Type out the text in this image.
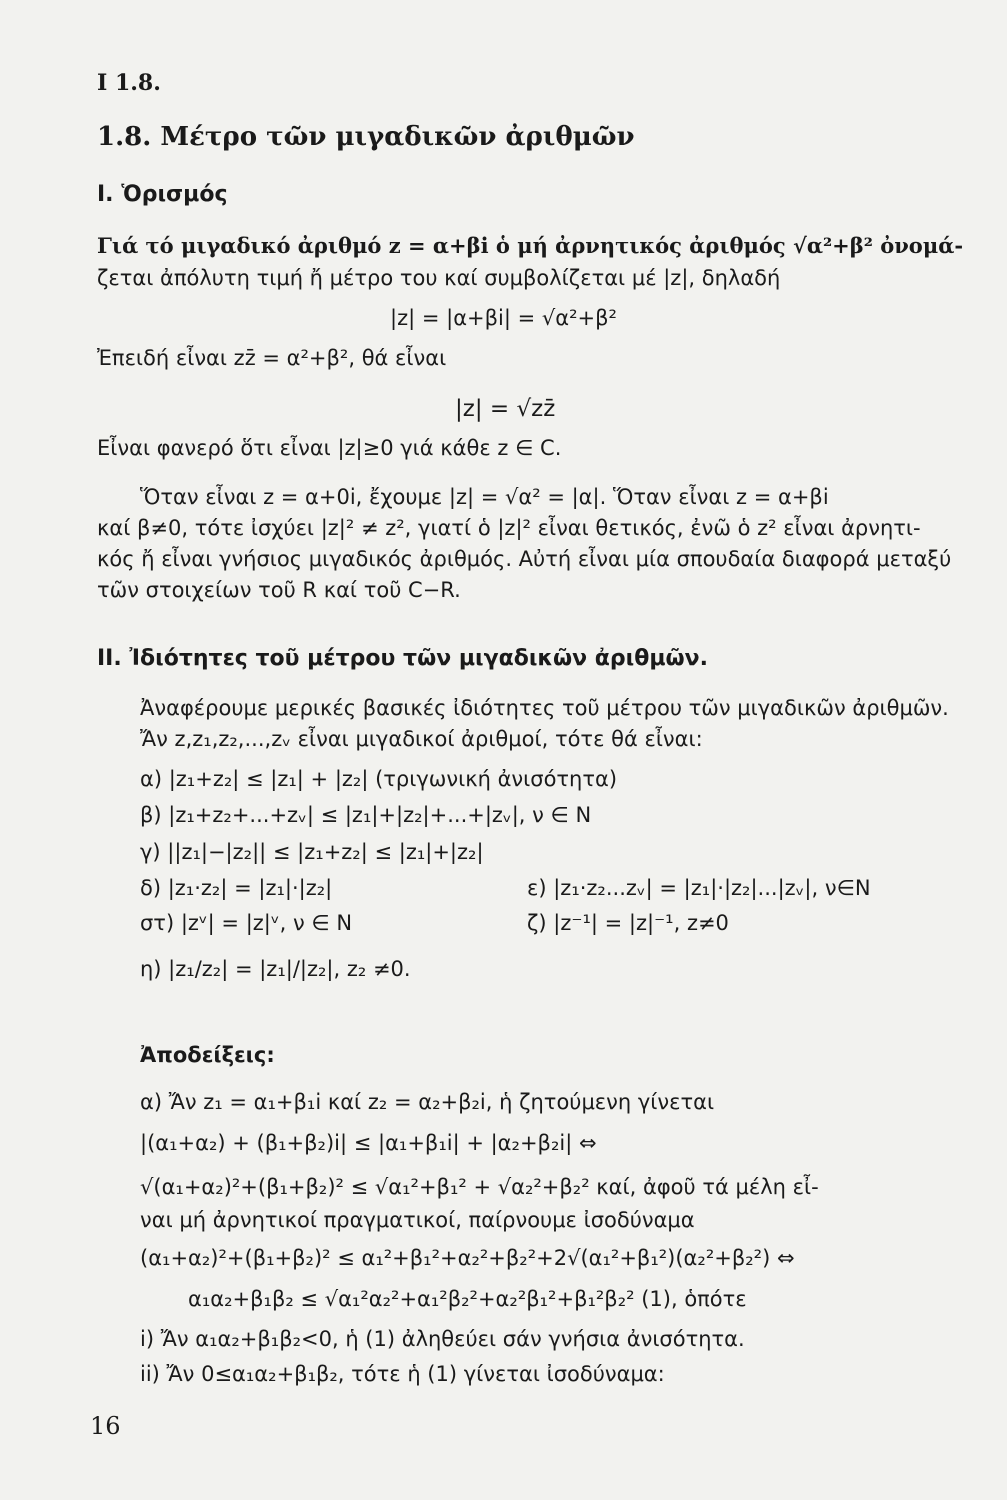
I 1.8.
1.8. Μέτρο τῶν μιγαδικῶν ἀριθμῶν
I. Ὁρισμός
Γιά τό μιγαδικό ἀριθμό z = α+βi ὁ μή ἀρνητικός ἀριθμός √α²+β² ὀνομά-
ζεται ἀπόλυτη τιμή ἤ μέτρο του καί συμβολίζεται μέ |z|, δηλαδή
|z| = |α+βi| = √α²+β²
Ἐπειδή εἶναι zz̄ = α²+β², θά εἶναι
|z| = √zz̄
Εἶναι φανερό ὅτι εἶναι |z|≥0 γιά κάθε z ∈ C.
Ὅταν εἶναι z = α+0i, ἔχουμε |z| = √α² = |α|. Ὅταν εἶναι z = α+βi
καί β≠0, τότε ἰσχύει |z|² ≠ z², γιατί ὁ |z|² εἶναι θετικός, ἐνῶ ὁ z² εἶναι ἀρνητι-
κός ἤ εἶναι γνήσιος μιγαδικός ἀριθμός. Αὐτή εἶναι μία σπουδαία διαφορά μεταξύ
τῶν στοιχείων τοῦ R καί τοῦ C−R.
II. Ἰδιότητες τοῦ μέτρου τῶν μιγαδικῶν ἀριθμῶν.
Ἀναφέρουμε μερικές βασικές ἰδιότητες τοῦ μέτρου τῶν μιγαδικῶν ἀριθμῶν.
Ἄν z,z₁,z₂,...,zᵥ εἶναι μιγαδικοί ἀριθμοί, τότε θά εἶναι:
α) |z₁+z₂| ≤ |z₁| + |z₂| (τριγωνική ἀνισότητα)
β) |z₁+z₂+...+zᵥ| ≤ |z₁|+|z₂|+...+|zᵥ|, ν ∈ N
γ) ||z₁|−|z₂|| ≤ |z₁+z₂| ≤ |z₁|+|z₂|
δ) |z₁·z₂| = |z₁|·|z₂|	ε) |z₁·z₂...zᵥ| = |z₁|·|z₂|...|zᵥ|, ν∈N
στ) |zᵛ| = |z|ᵛ, ν ∈ N	ζ) |z⁻¹| = |z|⁻¹, z≠0
η) |z₁/z₂| = |z₁|/|z₂|, z₂ ≠0.
Ἀποδείξεις:
α) Ἄν z₁ = α₁+β₁i καί z₂ = α₂+β₂i, ἡ ζητούμενη γίνεται
|(α₁+α₂) + (β₁+β₂)i| ≤ |α₁+β₁i| + |α₂+β₂i| ⇔
√(α₁+α₂)²+(β₁+β₂)² ≤ √α₁²+β₁² + √α₂²+β₂² καί, ἀφοῦ τά μέλη εἶ-
ναι μή ἀρνητικοί πραγματικοί, παίρνουμε ἰσοδύναμα
(α₁+α₂)²+(β₁+β₂)² ≤ α₁²+β₁²+α₂²+β₂²+2√(α₁²+β₁²)(α₂²+β₂²) ⇔
α₁α₂+β₁β₂ ≤ √α₁²α₂²+α₁²β₂²+α₂²β₁²+β₁²β₂² (1), ὁπότε
i) Ἄν α₁α₂+β₁β₂<0, ἡ (1) ἀληθεύει σάν γνήσια ἀνισότητα.
ii) Ἄν 0≤α₁α₂+β₁β₂, τότε ἡ (1) γίνεται ἰσοδύναμα:
16
